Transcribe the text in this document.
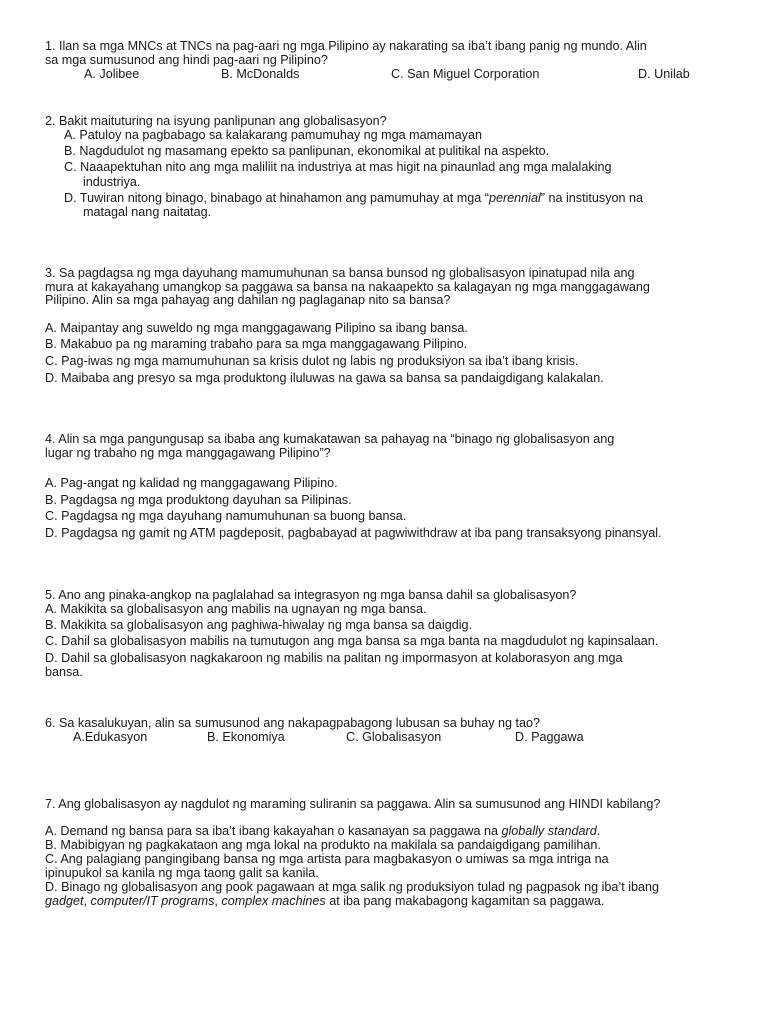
1. Ilan sa mga MNCs at TNCs na pag-aari ng mga Pilipino ay nakarating sa iba’t ibang panig ng mundo. Alin
sa mga sumusunod ang hindi pag-aari ng Pilipino?
A. Jolibee	B. McDonalds	C. San Miguel Corporation	D. Unilab
2. Bakit maituturing na isyung panlipunan ang globalisasyon?
A. Patuloy na pagbabago sa kalakarang pamumuhay ng mga mamamayan
B. Nagdudulot ng masamang epekto sa panlipunan, ekonomikal at pulitikal na aspekto.
C. Naaapektuhan nito ang mga maliliit na industriya at mas higit na pinaunlad ang mga malalaking
industriya.
D. Tuwiran nitong binago, binabago at hinahamon ang pamumuhay at mga “perennial” na institusyon na
matagal nang naitatag.
3. Sa pagdagsa ng mga dayuhang mamumuhunan sa bansa bunsod ng globalisasyon ipinatupad nila ang
mura at kakayahang umangkop sa paggawa sa bansa na nakaapekto sa kalagayan ng mga manggagawang
Pilipino. Alin sa mga pahayag ang dahilan ng paglaganap nito sa bansa?
A. Maipantay ang suweldo ng mga manggagawang Pilipino sa ibang bansa.
B. Makabuo pa ng maraming trabaho para sa mga manggagawang Pilipino.
C. Pag-iwas ng mga mamumuhunan sa krisis dulot ng labis ng produksiyon sa iba’t ibang krisis.
D. Maibaba ang presyo sa mga produktong iluluwas na gawa sa bansa sa pandaigdigang kalakalan.
4. Alin sa mga pangungusap sa ibaba ang kumakatawan sa pahayag na “binago ng globalisasyon ang
lugar ng trabaho ng mga manggagawang Pilipino”?
A. Pag-angat ng kalidad ng manggagawang Pilipino.
B. Pagdagsa ng mga produktong dayuhan sa Pilipinas.
C. Pagdagsa ng mga dayuhang namumuhunan sa buong bansa.
D. Pagdagsa ng gamit ng ATM pagdeposit, pagbabayad at pagwiwithdraw at iba pang transaksyong pinansyal.
5. Ano ang pinaka-angkop na paglalahad sa integrasyon ng mga bansa dahil sa globalisasyon?
A. Makikita sa globalisasyon ang mabilis na ugnayan ng mga bansa.
B. Makikita sa globalisasyon ang paghiwa-hiwalay ng mga bansa sa daigdig.
C. Dahil sa globalisasyon mabilis na tumutugon ang mga bansa sa mga banta na magdudulot ng kapinsalaan.
D. Dahil sa globalisasyon nagkakaroon ng mabilis na palitan ng impormasyon at kolaborasyon ang mga
bansa.
6. Sa kasalukuyan, alin sa sumusunod ang nakapagpabagong lubusan sa buhay ng tao?
A.Edukasyon	B. Ekonomiya	C. Globalisasyon	D. Paggawa
7. Ang globalisasyon ay nagdulot ng maraming suliranin sa paggawa. Alin sa sumusunod ang HINDI kabilang?
A. Demand ng bansa para sa iba’t ibang kakayahan o kasanayan sa paggawa na globally standard.
B. Mabibigyan ng pagkakataon ang mga lokal na produkto na makilala sa pandaigdigang pamilihan.
C. Ang palagiang pangingibang bansa ng mga artista para magbakasyon o umiwas sa mga intriga na
ipinupukol sa kanila ng mga taong galit sa kanila.
D. Binago ng globalisasyon ang pook pagawaan at mga salik ng produksiyon tulad ng pagpasok ng iba’t ibang
gadget, computer/IT programs, complex machines at iba pang makabagong kagamitan sa paggawa.
